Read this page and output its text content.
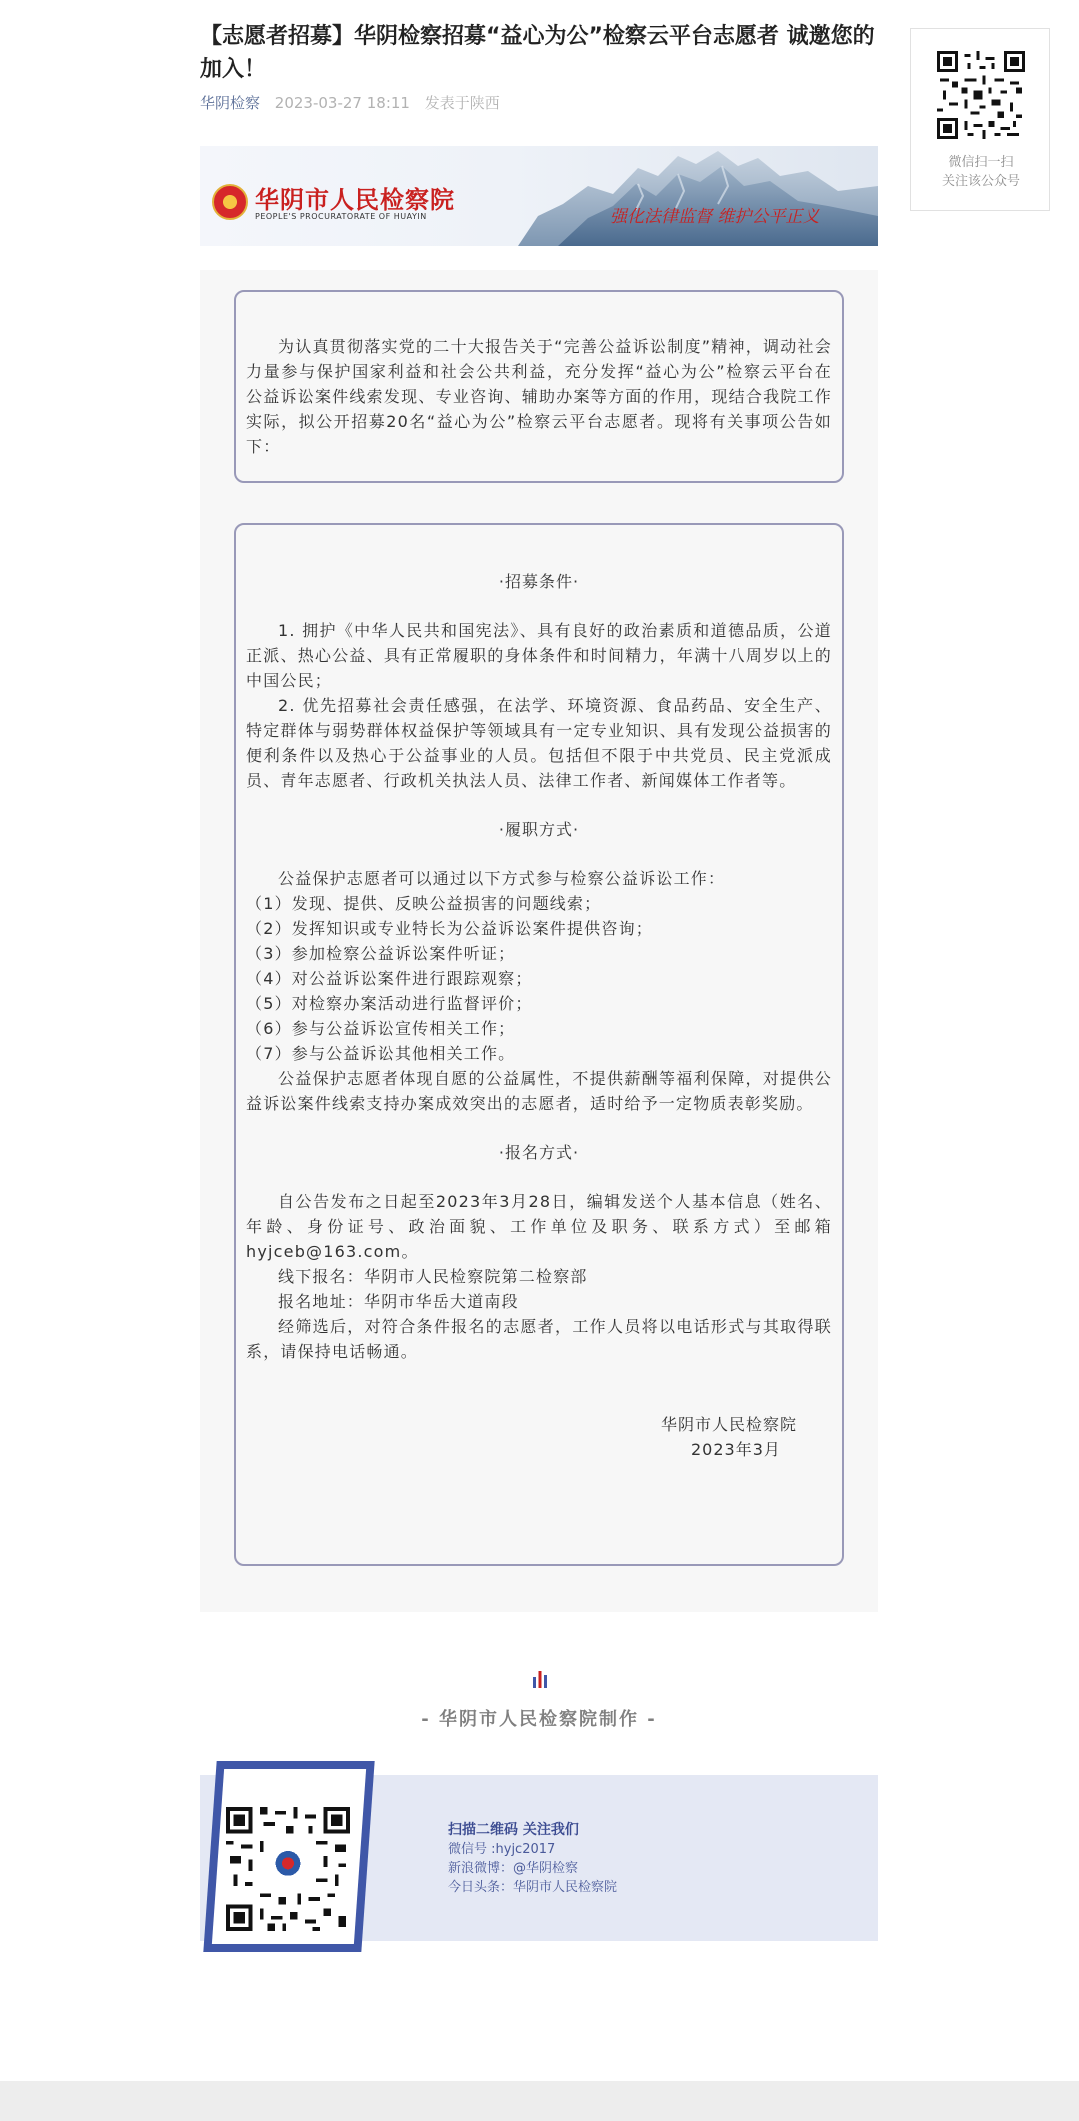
【志愿者招募】华阴检察招募“益心为公”检察云平台志愿者 诚邀您的加入！
华阴检察 2023-03-27 18:11 发表于陕西
华阴市人民检察院
PEOPLE'S PROCURATORATE OF HUAYIN	强化法律监督 维护公平正义

为认真贯彻落实党的二十大报告关于“完善公益诉讼制度”精神，调动社会力量参与保护国家利益和社会公共利益，充分发挥“益心为公”检察云平台在公益诉讼案件线索发现、专业咨询、辅助办案等方面的作用，现结合我院工作实际，拟公开招募20名“益心为公”检察云平台志愿者。现将有关事项公告如下：

·招募条件·

1. 拥护《中华人民共和国宪法》、具有良好的政治素质和道德品质，公道正派、热心公益、具有正常履职的身体条件和时间精力，年满十八周岁以上的中国公民；

2. 优先招募社会责任感强，在法学、环境资源、食品药品、安全生产、特定群体与弱势群体权益保护等领域具有一定专业知识、具有发现公益损害的便利条件以及热心于公益事业的人员。包括但不限于中共党员、民主党派成员、青年志愿者、行政机关执法人员、法律工作者、新闻媒体工作者等。

·履职方式·

公益保护志愿者可以通过以下方式参与检察公益诉讼工作：

（1）发现、提供、反映公益损害的问题线索；

（2）发挥知识或专业特长为公益诉讼案件提供咨询；

（3）参加检察公益诉讼案件听证；

（4）对公益诉讼案件进行跟踪观察；

（5）对检察办案活动进行监督评价；

（6）参与公益诉讼宣传相关工作；

（7）参与公益诉讼其他相关工作。

公益保护志愿者体现自愿的公益属性，不提供薪酬等福利保障，对提供公益诉讼案件线索支持办案成效突出的志愿者，适时给予一定物质表彰奖励。

·报名方式·

自公告发布之日起至2023年3月28日，编辑发送个人基本信息（姓名、年龄、身份证号、政治面貌、工作单位及职务、联系方式）至邮箱hyjceb@163.com。

线下报名：华阴市人民检察院第二检察部

报名地址：华阴市华岳大道南段

经筛选后，对符合条件报名的志愿者，工作人员将以电话形式与其取得联系，请保持电话畅通。

华阴市人民检察院

2023年3月

微信扫一扫
关注该公众号
- 华阴市人民检察院制作 -
扫描二维码 关注我们
微信号 :hyjc2017
新浪微博：@华阴检察
今日头条：华阴市人民检察院
